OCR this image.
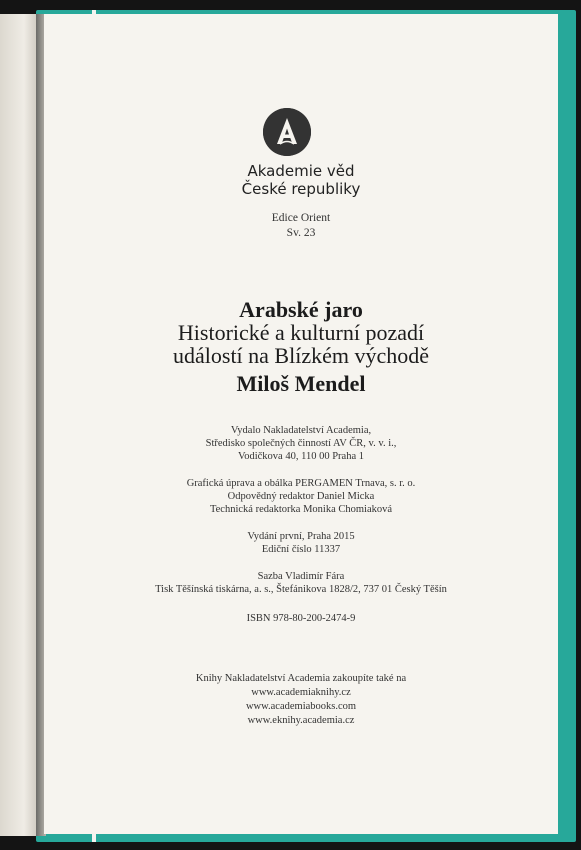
Akademie věd
České republiky
Edice Orient
Sv. 23
Arabské jaro
Historické a kulturní pozadí
událostí na Blízkém východě
Miloš Mendel
Vydalo Nakladatelství Academia,
Středisko společných činností AV ČR, v. v. i.,
Vodičkova 40, 110 00 Praha 1
Grafická úprava a obálka PERGAMEN Trnava, s. r. o.
Odpovědný redaktor Daniel Micka
Technická redaktorka Monika Chomiaková
Vydání první, Praha 2015
Ediční číslo 11337
Sazba Vladimír Fára
Tisk Těšínská tiskárna, a. s., Štefánikova 1828/2, 737 01 Český Těšín
ISBN 978-80-200-2474-9
Knihy Nakladatelství Academia zakoupíte také na
www.academiaknihy.cz
www.academiabooks.com
www.eknihy.academia.cz
